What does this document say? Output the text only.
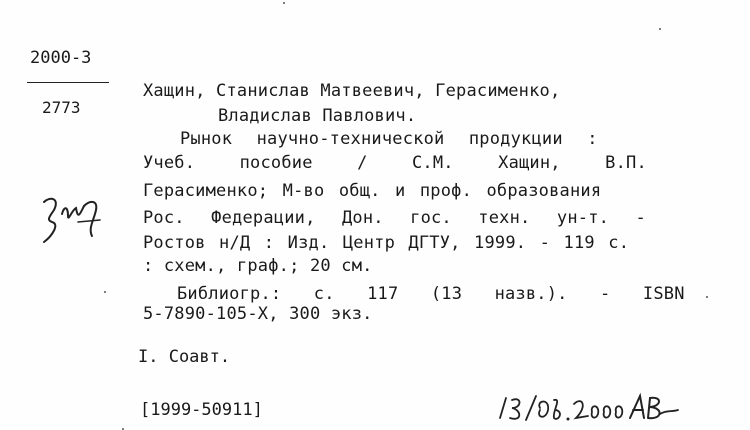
2000-3
2773
Хащин, Станислав Матвеевич, Герасименко,
Владислав Павлович.
Рынок научно-технической продукции :
Учеб. пособие / С.М. Хащин, В.П.
Герасименко; М-во общ. и проф. образования
Рос. Федерации, Дон. гос. техн. ун-т. -
Ростов н/Д : Изд. Центр ДГТУ, 1999. - 119 с.
: схем., граф.; 20 см.
Библиогр.: с. 117 (13 назв.). - ISBN
5-7890-105-Х, 300 экз.
I. Соавт.
[1999-50911]
